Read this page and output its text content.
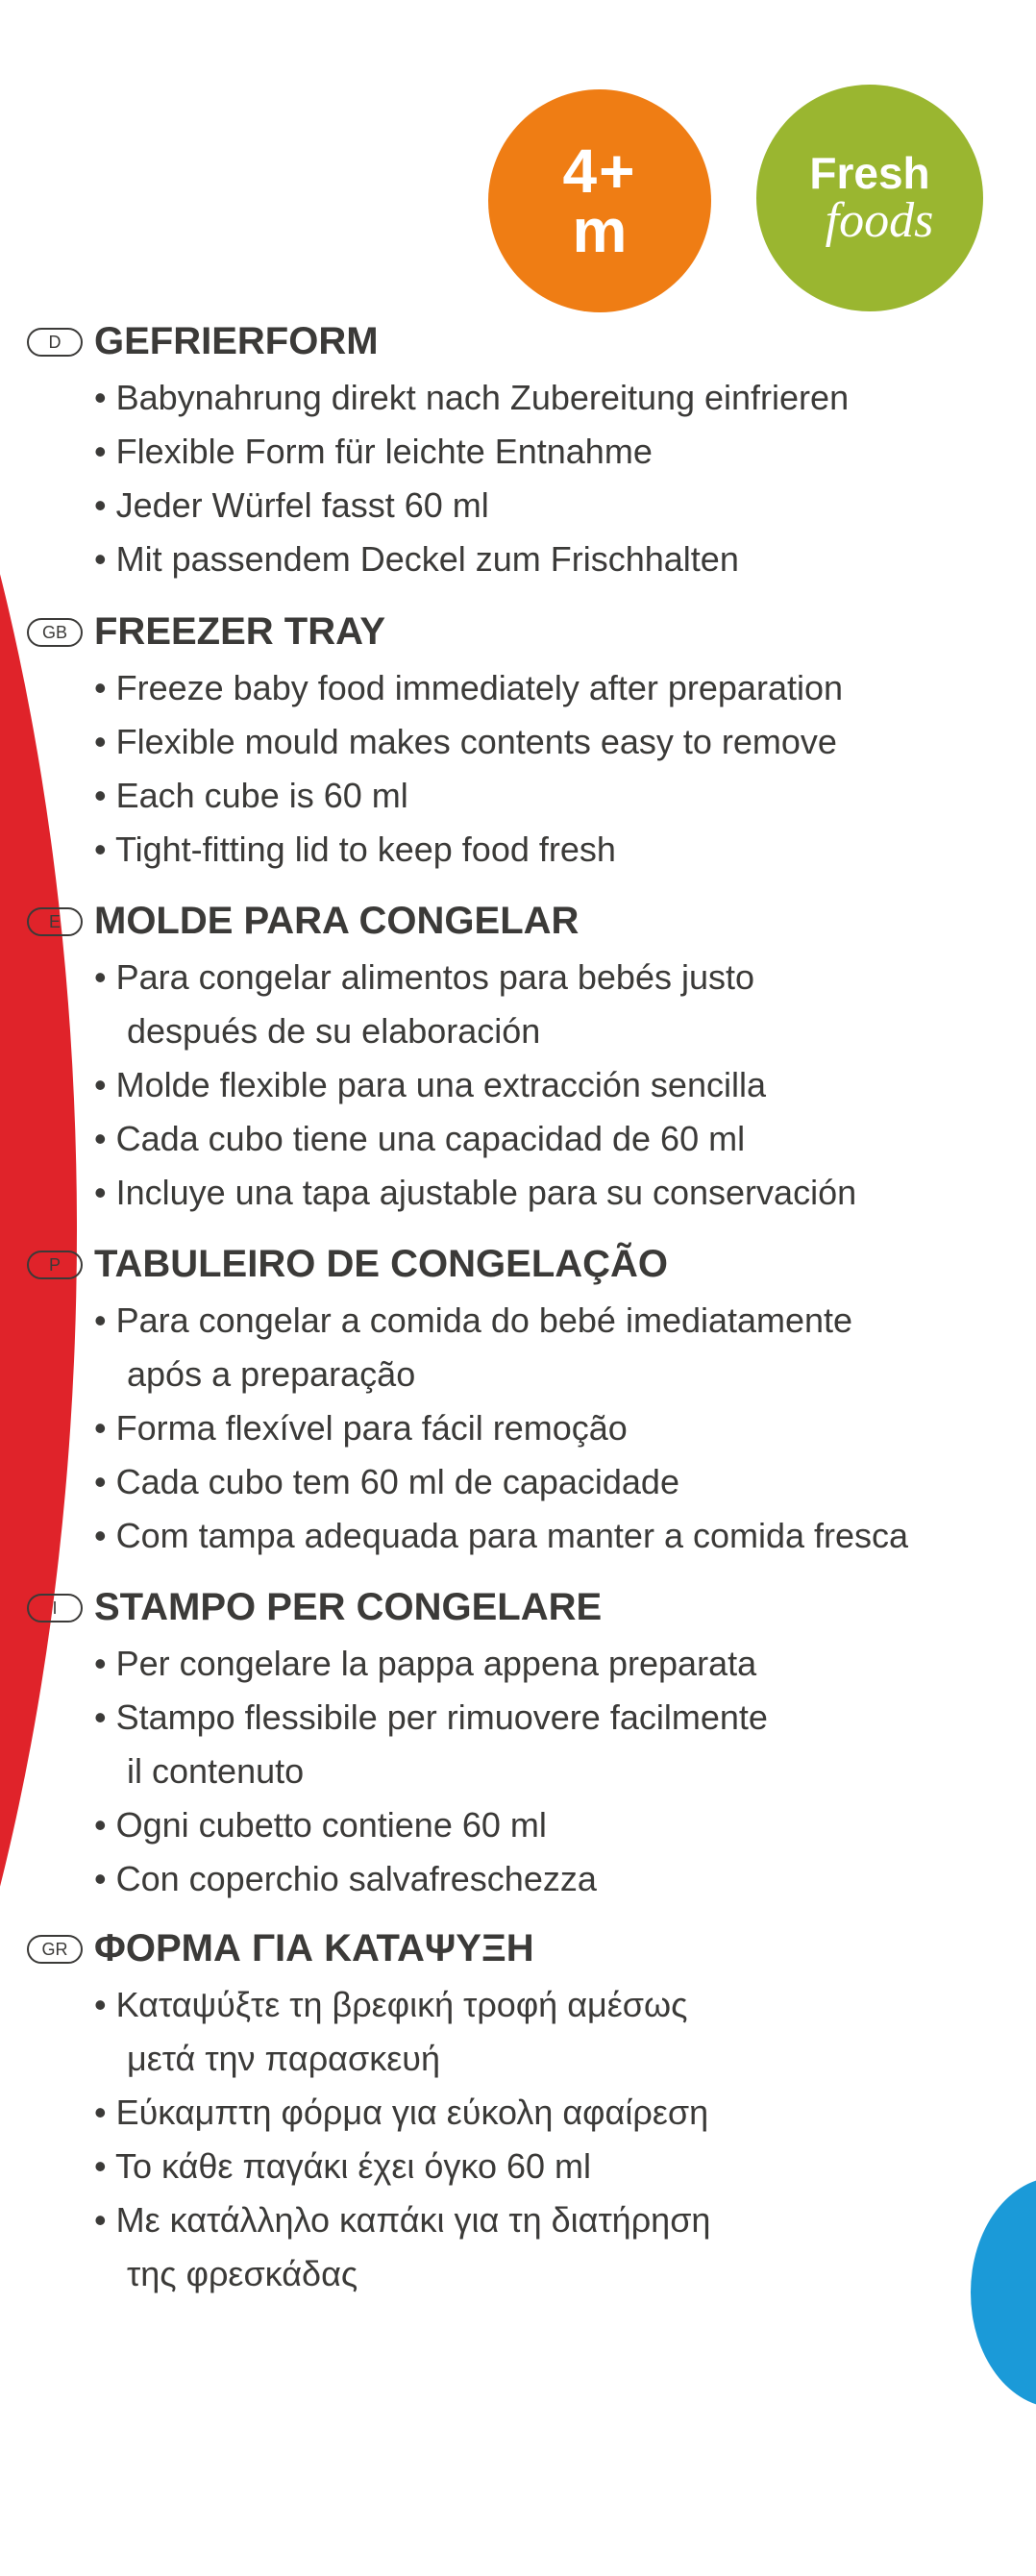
4+
m
Fresh
foods
D GEFRIERFORM
• Babynahrung direkt nach Zubereitung einfrieren
• Flexible Form für leichte Entnahme
• Jeder Würfel fasst 60 ml
• Mit passendem Deckel zum Frischhalten
GB FREEZER TRAY
• Freeze baby food immediately after preparation
• Flexible mould makes contents easy to remove
• Each cube is 60 ml
• Tight-fitting lid to keep food fresh
E MOLDE PARA CONGELAR
• Para congelar alimentos para bebés justo
después de su elaboración
• Molde flexible para una extracción sencilla
• Cada cubo tiene una capacidad de 60 ml
• Incluye una tapa ajustable para su conservación
P TABULEIRO DE CONGELAÇÃO
• Para congelar a comida do bebé imediatamente
após a preparação
• Forma flexível para fácil remoção
• Cada cubo tem 60 ml de capacidade
• Com tampa adequada para manter a comida fresca
I STAMPO PER CONGELARE
• Per congelare la pappa appena preparata
• Stampo flessibile per rimuovere facilmente
il contenuto
• Ogni cubetto contiene 60 ml
• Con coperchio salvafreschezza
GR ΦΟΡΜΑ ΓΙΑ ΚΑΤΑΨΥΞΗ
• Καταψύξτε τη βρεφική τροφή αμέσως
μετά την παρασκευή
• Εύκαμπτη φόρμα για εύκολη αφαίρεση
• Το κάθε παγάκι έχει όγκο 60 ml
• Με κατάλληλο καπάκι για τη διατήρηση
της φρεσκάδας
